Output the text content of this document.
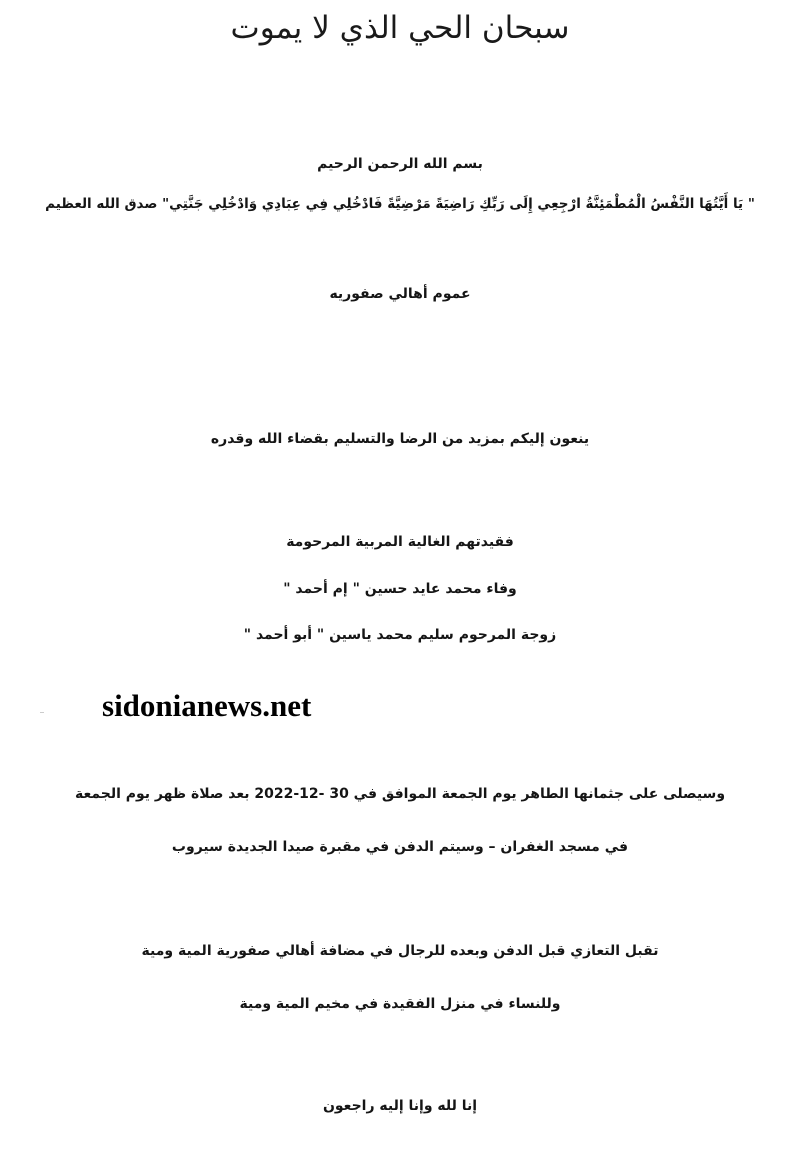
سبحان الحي الذي لا يموت

بسم الله الرحمن الرحيم

" يَا أَيَّتُهَا النَّفْسُ الْمُطْمَئِنَّةُ ارْجِعِي إِلَى رَبِّكِ رَاضِيَةً مَرْضِيَّةً فَادْخُلِي فِي عِبَادِي وَادْخُلِي جَنَّتِي" صدق الله العظيم

عموم أهالي صفوريه

ينعون إليكم بمزيد من الرضا والتسليم بقضاء الله وقدره

فقيدتهم الغالية المربية المرحومة

وفاء محمد عايد حسين " إم أحمد "

زوجة المرحوم سليم محمد ياسين " أبو أحمد "

sidonianews.net

وسيصلى على جثمانها الطاهر يوم الجمعة الموافق في 30 -12-2022 بعد صلاة ظهر يوم الجمعة

في مسجد الغفران – وسيتم الدفن في مقبرة صيدا الجديدة سيروب

تقبل التعازي قبل الدفن وبعده للرجال في مضافة أهالي صفورية المية ومية

وللنساء في منزل الفقيدة في مخيم المية ومية

إنا لله وإنا إليه راجعون
